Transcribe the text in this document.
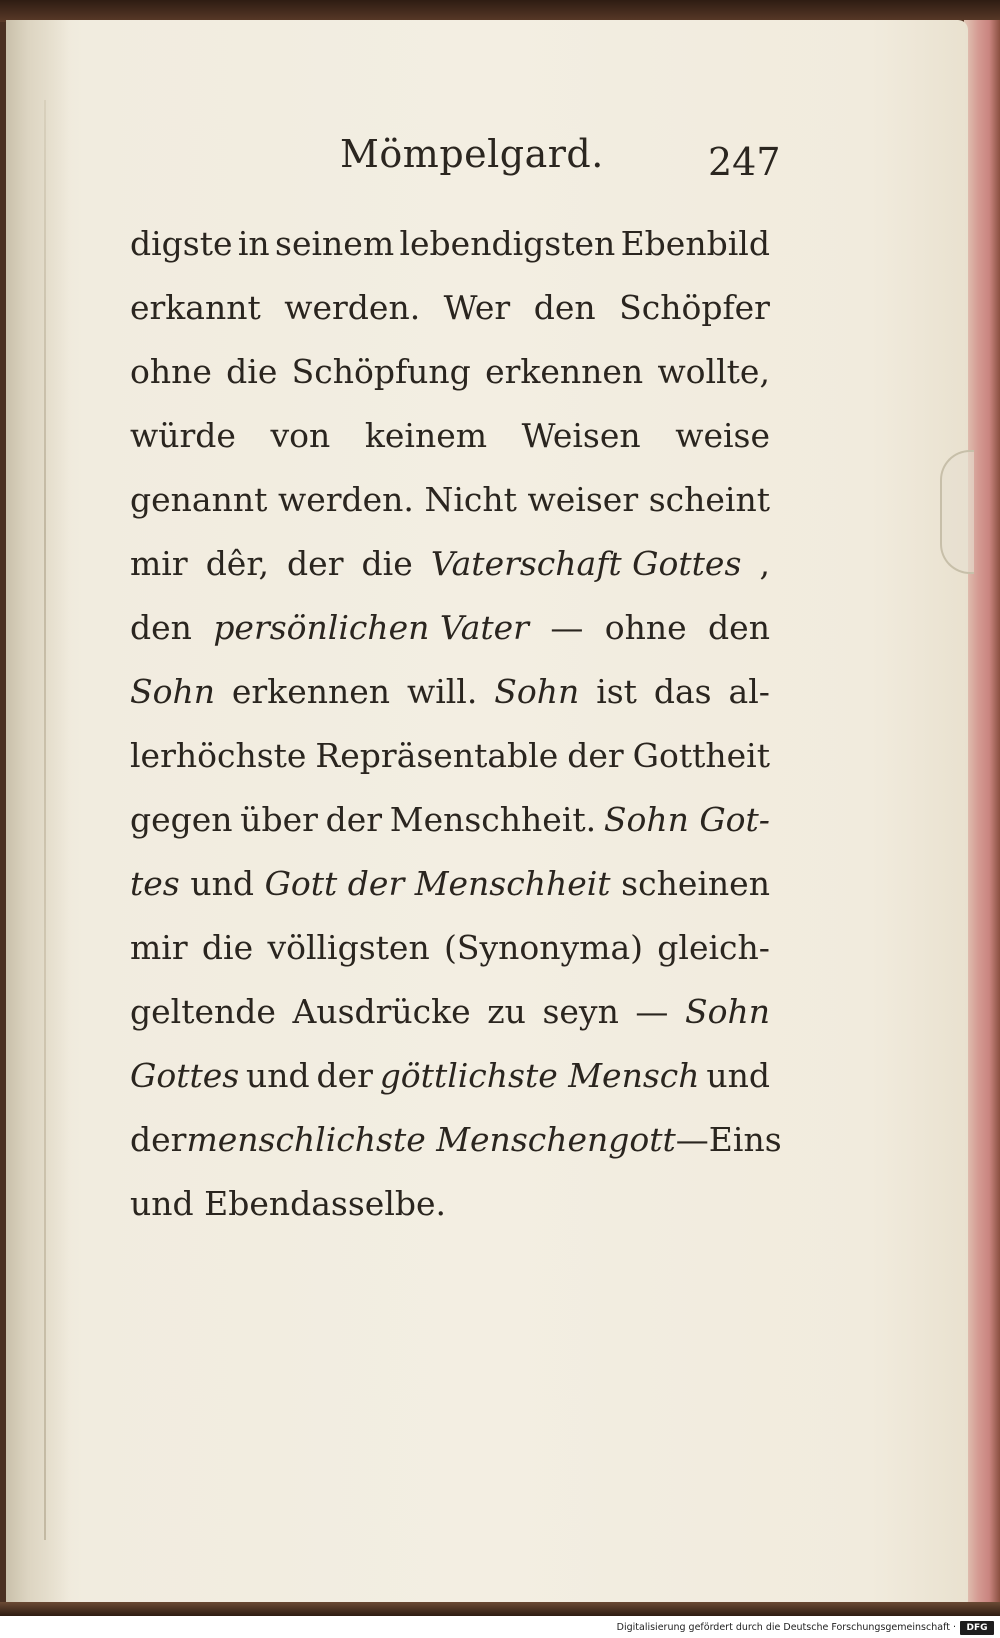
Mömpelgard.	247
digste in seinem lebendigsten Ebenbild
erkannt werden. Wer den Schöpfer
ohne die Schöpfung erkennen wollte,
würde von keinem Weisen weise
genannt werden. Nicht weiser scheint
mir dêr, der die Vaterschaft Gottes ,
den persönlichen Vater — ohne den
Sohn erkennen will. Sohn ist das al-
lerhöchste Repräsentable der Gottheit
gegen über der Menschheit. Sohn Got-
tes und Gott der Menschheit scheinen
mir die völligsten (Synonyma) gleich-
geltende Ausdrücke zu seyn — Sohn
Gottes und der göttlichste Mensch und
der menschlichste Menschengott — Eins
und Ebendasselbe.
Digitalisierung gefördert durch die Deutsche Forschungsgemeinschaft ·	DFG
